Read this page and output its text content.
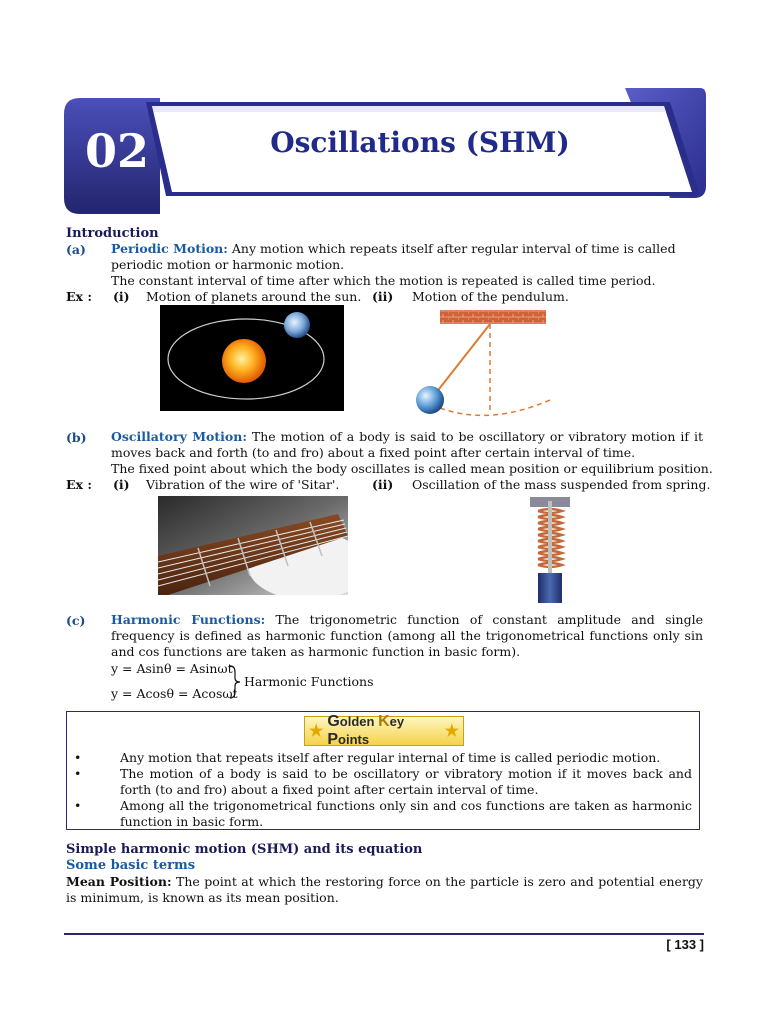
02	Oscillations (SHM)
Introduction
(a) Periodic Motion: Any motion which repeats itself after regular interval of time is called periodic motion or harmonic motion.
The constant interval of time after which the motion is repeated is called time period.
Ex : (i) Motion of planets around the sun. (ii) Motion of the pendulum.
(b) Oscillatory Motion: The motion of a body is said to be oscillatory or vibratory motion if it moves back and forth (to and fro) about a fixed point after certain interval of time.
The fixed point about which the body oscillates is called mean position or equilibrium position.
Ex : (i) Vibration of the wire of 'Sitar'.	(ii) Oscillation of the mass suspended from spring.
(c) Harmonic Functions: The trigonometric function of constant amplitude and single frequency is defined as harmonic function (among all the trigonometrical functions only sin and cos functions are taken as harmonic function in basic form).
y = Asinθ = Asinωt
y = Acosθ = Acosωt
Harmonic Functions
★
Golden Key Points	★
•	Any motion that repeats itself after regular internal of time is called periodic motion.
•	The motion of a body is said to be oscillatory or vibratory motion if it moves back and forth (to and fro) about a fixed point after certain interval of time.
•	Among all the trigonometrical functions only sin and cos functions are taken as harmonic function in basic form.
Simple harmonic motion (SHM) and its equation
Some basic terms
Mean Position: The point at which the restoring force on the particle is zero and potential energy is minimum, is known as its mean position.
[ 133 ]
